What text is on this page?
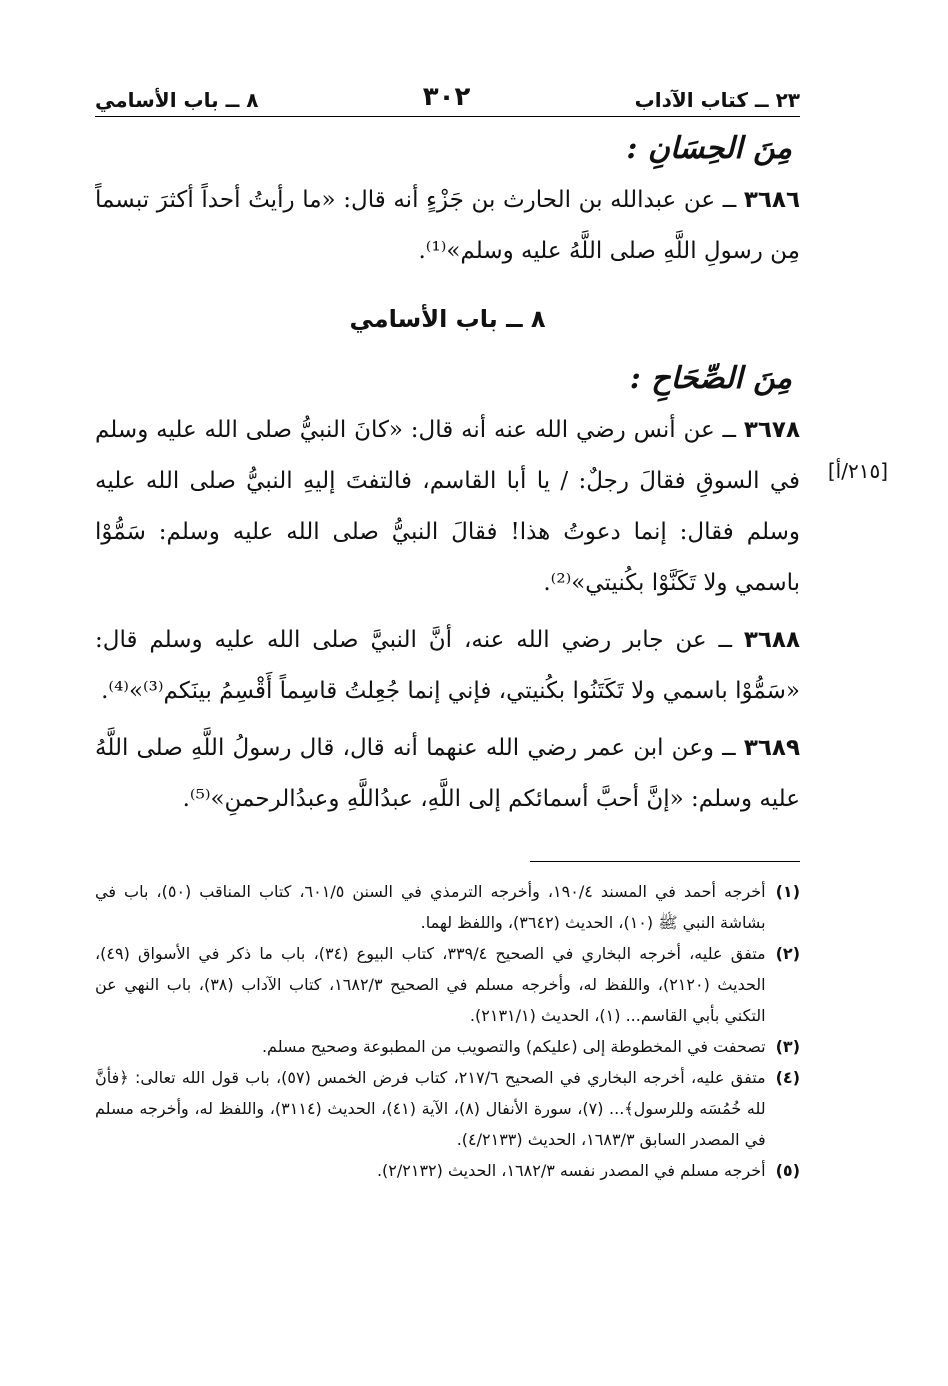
٢٣ ــ كتاب الآداب
٣٠٢
٨ ــ باب الأسامي
مِنَ الحِسَانِ :

٣٦٨٦ ــ عن عبدالله بن الحارث بن جَزْءٍ أنه قال: «ما رأيتُ أحداً أكثرَ تبسماً مِن رسولِ اللَّهِ صلى اللَّهُ عليه وسلم»⁽¹⁾.

٨ ــ باب الأسامي
مِنَ الصِّحَاحِ :
[٢١٥/أ]

٣٦٧٨ ــ عن أنس رضي الله عنه أنه قال: «كانَ النبيُّ صلى الله عليه وسلم في السوقِ فقالَ رجلٌ: / يا أبا القاسم، فالتفتَ إليهِ النبيُّ صلى الله عليه وسلم فقال: إنما دعوتُ هذا! فقالَ النبيُّ صلى الله عليه وسلم: سَمُّوْا باسمي ولا تَكَنَّوْا بكُنيتي»⁽²⁾.

٣٦٨٨ ــ عن جابر رضي الله عنه، أنَّ النبيَّ صلى الله عليه وسلم قال: «سَمُّوْا باسمي ولا تَكَتَنُوا بكُنيتي، فإني إنما جُعِلتُ قاسِماً أَقْسِمُ بينَكم⁽³⁾»⁽⁴⁾.

٣٦٨٩ ــ وعن ابن عمر رضي الله عنهما أنه قال، قال رسولُ اللَّهِ صلى اللَّهُ عليه وسلم: «إنَّ أحبَّ أسمائكم إلى اللَّهِ، عبدُاللَّهِ وعبدُالرحمنِ»⁽⁵⁾.

(١)
أخرجه أحمد في المسند ١٩٠/٤، وأخرجه الترمذي في السنن ٦٠١/٥، كتاب المناقب (٥٠)، باب في بشاشة النبي ﷺ (١٠)، الحديث (٣٦٤٢)، واللفظ لهما.
(٢)
متفق عليه، أخرجه البخاري في الصحيح ٣٣٩/٤، كتاب البيوع (٣٤)، باب ما ذكر في الأسواق (٤٩)، الحديث (٢١٢٠)، واللفظ له، وأخرجه مسلم في الصحيح ١٦٨٢/٣، كتاب الآداب (٣٨)، باب النهي عن التكني بأبي القاسم... (١)، الحديث (٢١٣١/١).
(٣)
تصحفت في المخطوطة إلى (عليكم) والتصويب من المطبوعة وصحيح مسلم.
(٤)
متفق عليه، أخرجه البخاري في الصحيح ٢١٧/٦، كتاب فرض الخمس (٥٧)، باب قول الله تعالى: ﴿فأنَّ لله خُمُسَه وللرسول﴾... (٧)، سورة الأنفال (٨)، الآية (٤١)، الحديث (٣١١٤)، واللفظ له، وأخرجه مسلم في المصدر السابق ١٦٨٣/٣، الحديث (٤/٢١٣٣).
(٥)
أخرجه مسلم في المصدر نفسه ١٦٨٢/٣، الحديث (٢/٢١٣٢).
